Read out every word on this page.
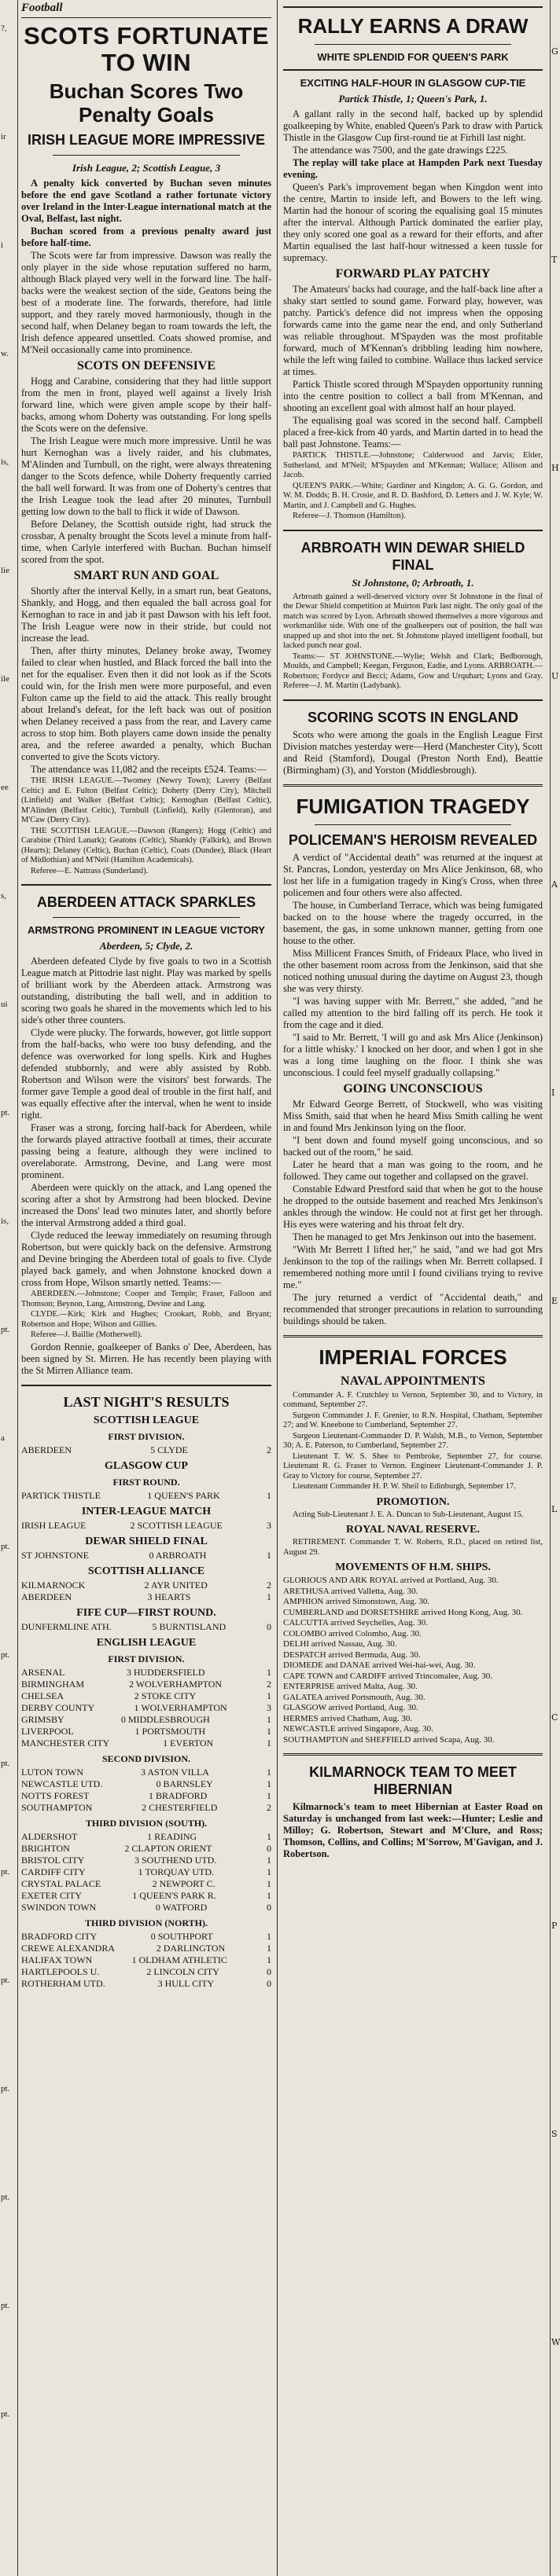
?,
ir
i
w.
is,
lie
ile
ee
s,
ui
pt.
is,
pt.
a
pt.
pt.
pt.
pt.
pt.
pt.
pt.
pt.
pt.
Football
SCOTS FORTUNATE TO WIN
Buchan Scores Two Penalty Goals
IRISH LEAGUE MORE IMPRESSIVE
Irish League, 2; Scottish League, 3

A penalty kick converted by Buchan seven minutes before the end gave Scotland a rather fortunate victory over Ireland in the Inter-League international match at the Oval, Belfast, last night.

Buchan scored from a previous penalty award just before half-time.

The Scots were far from impressive. Dawson was really the only player in the side whose reputation suffered no harm, although Black played very well in the forward line. The half-backs were the weakest section of the side, Geatons being the best of a moderate line. The forwards, therefore, had little support, and they rarely moved harmoniously, though in the second half, when Delaney began to roam towards the left, the Irish defence appeared unsettled. Coats showed promise, and M'Neil occasionally came into prominence.

SCOTS ON DEFENSIVE

Hogg and Carabine, considering that they had little support from the men in front, played well against a lively Irish forward line, which were given ample scope by their half-backs, among whom Doherty was outstanding. For long spells the Scots were on the defensive.

The Irish League were much more impressive. Until he was hurt Kernoghan was a lively raider, and his clubmates, M'Alinden and Turnbull, on the right, were always threatening danger to the Scots defence, while Doherty frequently carried the ball well forward. It was from one of Doherty's centres that the Irish League took the lead after 20 minutes, Turnbull getting low down to the ball to flick it wide of Dawson.

Before Delaney, the Scottish outside right, had struck the crossbar, A penalty brought the Scots level a minute from half-time, when Carlyle interfered with Buchan. Buchan himself scored from the spot.

SMART RUN AND GOAL

Shortly after the interval Kelly, in a smart run, beat Geatons, Shankly, and Hogg, and then equaled the ball across goal for Kernoghan to race in and jab it past Dawson with his left foot. The Irish League were now in their stride, but could not increase the lead.

Then, after thirty minutes, Delaney broke away, Twomey failed to clear when hustled, and Black forced the ball into the net for the equaliser. Even then it did not look as if the Scots could win, for the Irish men were more purposeful, and even Fulton came up the field to aid the attack. This really brought about Ireland's defeat, for the left back was out of position when Delaney received a pass from the rear, and Lavery came across to stop him. Both players came down inside the penalty area, and the referee awarded a penalty, which Buchan converted to give the Scots victory.

The attendance was 11,082 and the receipts £524. Teams:—

THE IRISH LEAGUE.—Twomey (Newry Town); Lavery (Belfast Celtic) and E. Fulton (Belfast Celtic); Doherty (Derry City), Mitchell (Linfield) and Walker (Belfast Celtic); Kernoghan (Belfast Celtic), M'Alinden (Belfast Celtic), Turnbull (Linfield), Kelly (Glentoran), and M'Caw (Derry City).

THE SCOTTISH LEAGUE.—Dawson (Rangers); Hogg (Celtic) and Carabine (Third Lanark); Geatons (Celtic), Shankly (Falkirk), and Brown (Hearts); Delaney (Celtic), Buchan (Celtic), Coats (Dundee), Black (Heart of Midlothian) and M'Neil (Hamilton Academicals).

Referee—E. Nattrass (Sunderland).

ABERDEEN ATTACK SPARKLES
ARMSTRONG PROMINENT IN LEAGUE VICTORY
Aberdeen, 5; Clyde, 2.

Aberdeen defeated Clyde by five goals to two in a Scottish League match at Pittodrie last night. Play was marked by spells of brilliant work by the Aberdeen attack. Armstrong was outstanding, distributing the ball well, and in addition to scoring two goals he shared in the movements which led to his side's other three counters.

Clyde were plucky. The forwards, however, got little support from the half-backs, who were too busy defending, and the defence was overworked for long spells. Kirk and Hughes defended stubbornly, and were ably assisted by Robb. Robertson and Wilson were the visitors' best forwards. The former gave Temple a good deal of trouble in the first half, and was equally effective after the interval, when he went to inside right.

Fraser was a strong, forcing half-back for Aberdeen, while the forwards played attractive football at times, their accurate passing being a feature, although they were inclined to overelaborate. Armstrong, Devine, and Lang were most prominent.

Aberdeen were quickly on the attack, and Lang opened the scoring after a shot by Armstrong had been blocked. Devine increased the Dons' lead two minutes later, and shortly before the interval Armstrong added a third goal.

Clyde reduced the leeway immediately on resuming through Robertson, but were quickly back on the defensive. Armstrong and Devine bringing the Aberdeen total of goals to five. Clyde played back gamely, and when Johnstone knocked down a cross from Hope, Wilson smartly netted. Teams:—

ABERDEEN.—Johnstone; Cooper and Temple; Fraser, Falloon and Thomson; Beynon, Lang, Armstrong, Devine and Lang.

CLYDE.—Kirk; Kirk and Hughes; Crookart, Robb, and Bryant; Robertson and Hope; Wilson and Gillies.

Referee—J. Baillie (Motherwell).

Gordon Rennie, goalkeeper of Banks o' Dee, Aberdeen, has been signed by St. Mirren. He has recently been playing with the St Mirren Alliance team.

LAST NIGHT'S RESULTS
SCOTTISH LEAGUE
FIRST DIVISION.
ABERDEEN	5 CLYDE	2
GLASGOW CUP
FIRST ROUND.
PARTICK THISTLE	1 QUEEN'S PARK	1
INTER-LEAGUE MATCH
IRISH LEAGUE	2 SCOTTISH LEAGUE	3
DEWAR SHIELD FINAL
ST JOHNSTONE	0 ARBROATH	1
SCOTTISH ALLIANCE
KILMARNOCK	2 AYR UNITED	2
ABERDEEN	3 HEARTS	1
FIFE CUP—FIRST ROUND.
DUNFERMLINE ATH.	5 BURNTISLAND	0
ENGLISH LEAGUE
FIRST DIVISION.
ARSENAL	3 HUDDERSFIELD	1
BIRMINGHAM	2 WOLVERHAMPTON	2
CHELSEA	2 STOKE CITY	1
DERBY COUNTY	1 WOLVERHAMPTON	3
GRIMSBY	0 MIDDLESBROUGH	1
LIVERPOOL	1 PORTSMOUTH	1
MANCHESTER CITY	1 EVERTON	1
SECOND DIVISION.
LUTON TOWN	3 ASTON VILLA	1
NEWCASTLE UTD.	0 BARNSLEY	1
NOTTS FOREST	1 BRADFORD	1
SOUTHAMPTON	2 CHESTERFIELD	2
THIRD DIVISION (SOUTH).
ALDERSHOT	1 READING	1
BRIGHTON	2 CLAPTON ORIENT	0
BRISTOL CITY	3 SOUTHEND UTD.	1
CARDIFF CITY	1 TORQUAY UTD.	1
CRYSTAL PALACE	2 NEWPORT C.	1
EXETER CITY	1 QUEEN'S PARK R.	1
SWINDON TOWN	0 WATFORD	0
THIRD DIVISION (NORTH).
BRADFORD CITY	0 SOUTHPORT	1
CREWE ALEXANDRA	2 DARLINGTON	1
HALIFAX TOWN	1 OLDHAM ATHLETIC	1
HARTLEPOOLS U.	2 LINCOLN CITY	0
ROTHERHAM UTD.	3 HULL CITY	0
RALLY EARNS A DRAW
WHITE SPLENDID FOR QUEEN'S PARK
EXCITING HALF-HOUR IN GLASGOW CUP-TIE
Partick Thistle, 1; Queen's Park, 1.

A gallant rally in the second half, backed up by splendid goalkeeping by White, enabled Queen's Park to draw with Partick Thistle in the Glasgow Cup first-round tie at Firhill last night.

The attendance was 7500, and the gate drawings £225.

The replay will take place at Hampden Park next Tuesday evening.

Queen's Park's improvement began when Kingdon went into the centre, Martin to inside left, and Bowers to the left wing. Martin had the honour of scoring the equalising goal 15 minutes after the interval. Although Partick dominated the earlier play, they only scored one goal as a reward for their efforts, and after Martin equalised the last half-hour witnessed a keen tussle for supremacy.

FORWARD PLAY PATCHY

The Amateurs' backs had courage, and the half-back line after a shaky start settled to sound game. Forward play, however, was patchy. Partick's defence did not impress when the opposing forwards came into the game near the end, and only Sutherland was reliable throughout. M'Spayden was the most profitable forward, much of M'Kennan's dribbling leading him nowhere, while the left wing failed to combine. Wallace thus lacked service at times.

Partick Thistle scored through M'Spayden opportunity running into the centre position to collect a ball from M'Kennan, and shooting an excellent goal with almost half an hour played.

The equalising goal was scored in the second half. Campbell placed a free-kick from 40 yards, and Martin darted in to head the ball past Johnstone. Teams:—

PARTICK THISTLE.—Johnstone; Calderwood and Jarvis; Elder, Sutherland, and M'Neil; M'Spayden and M'Kennan; Wallace; Allison and Jacob.

QUEEN'S PARK.—White; Gardiner and Kingdon; A. G. G. Gordon, and W. M. Dodds; B. H. Crosie, and R. D. Bashford, D. Letters and J. W. Kyle; W. Martin, and J. Campbell and G. Hughes.

Referee—J. Thomson (Hamilton).

ARBROATH WIN DEWAR SHIELD FINAL
St Johnstone, 0; Arbroath, 1.

Arbroath gained a well-deserved victory over St Johnstone in the final of the Dewar Shield competition at Muirton Park last night. The only goal of the match was scored by Lyon. Arbroath showed themselves a more vigorous and workmanlike side. With one of the goalkeepers out of position, the ball was snapped up and shot into the net. St Johnstone played intelligent football, but lacked punch near goal.

Teams:— ST JOHNSTONE.—Wylie; Welsh and Clark; Bedborough, Moulds, and Campbell; Keegan, Ferguson, Eadie, and Lyons. ARBROATH.—Robertson; Fordyce and Becci; Adams, Gow and Urquhart; Lyons and Gray. Referee—J. M. Martin (Ladybank).

SCORING SCOTS IN ENGLAND

Scots who were among the goals in the English League First Division matches yesterday were—Herd (Manchester City), Scott and Reid (Stamford), Dougal (Preston North End), Beattie (Birmingham) (3), and Yorston (Middlesbrough).

FUMIGATION TRAGEDY
POLICEMAN'S HEROISM REVEALED

A verdict of "Accidental death" was returned at the inquest at St. Pancras, London, yesterday on Mrs Alice Jenkinson, 68, who lost her life in a fumigation tragedy in King's Cross, when three policemen and four others were also affected.

The house, in Cumberland Terrace, which was being fumigated backed on to the house where the tragedy occurred, in the basement, the gas, in some unknown manner, getting from one house to the other.

Miss Millicent Frances Smith, of Frideaux Place, who lived in the other basement room across from the Jenkinson, said that she noticed nothing unusual during the daytime on August 23, though she was very thirsty.

"I was having supper with Mr. Berrett," she added, "and he called my attention to the bird falling off its perch. He took it from the cage and it died.

"I said to Mr. Berrett, 'I will go and ask Mrs Alice (Jenkinson) for a little whisky.' I knocked on her door, and when I got in she was a long time laughing on the floor. I think she was unconscious. I could feel myself gradually collapsing."

GOING UNCONSCIOUS

Mr Edward George Berrett, of Stockwell, who was visiting Miss Smith, said that when he heard Miss Smith calling he went in and found Mrs Jenkinson lying on the floor.

"I bent down and found myself going unconscious, and so backed out of the room," he said.

Later he heard that a man was going to the room, and he followed. They came out together and collapsed on the gravel.

Constable Edward Prestford said that when he got to the house he dropped to the outside basement and reached Mrs Jenkinson's ankles through the window. He could not at first get her through. His eyes were watering and his throat felt dry.

Then he managed to get Mrs Jenkinson out into the basement.

"With Mr Berrett I lifted her," he said, "and we had got Mrs Jenkinson to the top of the railings when Mr. Berrett collapsed. I remembered nothing more until I found civilians trying to revive me."

The jury returned a verdict of "Accidental death," and recommended that stronger precautions in relation to surrounding buildings should be taken.

IMPERIAL FORCES
NAVAL APPOINTMENTS

Commander A. F. Crutchley to Vernon, September 30, and to Victory, in command, September 27.

Surgeon Commander J. F. Grenier, to R.N. Hospital, Chatham, September 27; and W. Kneebone to Cumberland, September 27.

Surgeon Lieutenant-Commander D. P. Walsh, M.B., to Vernon, September 30; A. E. Paterson, to Cumberland, September 27.

Lieutenant T. W. S. Shee to Pembroke, September 27, for course. Lieutenant R. G. Fraser to Vernon. Engineer Lieutenant-Commander J. P. Gray to Victory for course, September 27.

Lieutenant Commander H. P. W. Sheil to Edinburgh, September 17.

PROMOTION.

Acting Sub-Lieutenant J. E. A. Duncan to Sub-Lieutenant, August 15.

ROYAL NAVAL RESERVE.

RETIREMENT. Commander T. W. Roberts, R.D., placed on retired list, August 29.

MOVEMENTS OF H.M. SHIPS.
GLORIOUS AND ARK ROYAL arrived at Portland, Aug. 30.
ARETHUSA arrived Valletta, Aug. 30.
AMPHION arrived Simonstown, Aug. 30.
CUMBERLAND and DORSETSHIRE arrived Hong Kong, Aug. 30.
CALCUTTA arrived Seychelles, Aug. 30.
COLOMBO arrived Colombo, Aug. 30.
DELHI arrived Nassau, Aug. 30.
DESPATCH arrived Bermuda, Aug. 30.
DIOMEDE and DANAE arrived Wei-hai-wei, Aug. 30.
CAPE TOWN and CARDIFF arrived Trincomalee, Aug. 30.
ENTERPRISE arrived Malta, Aug. 30.
GALATEA arrived Portsmouth, Aug. 30.
GLASGOW arrived Portland, Aug. 30.
HERMES arrived Chatham, Aug. 30.
NEWCASTLE arrived Singapore, Aug. 30.
SOUTHAMPTON and SHEFFIELD arrived Scapa, Aug. 30.
KILMARNOCK TEAM TO MEET HIBERNIAN

Kilmarnock's team to meet Hibernian at Easter Road on Saturday is unchanged from last week:—Hunter; Leslie and Milloy; G. Robertson, Stewart and M'Clure, and Ross; Thomson, Collins, and Collins; M'Sorrow, M'Gavigan, and J. Robertson.

G
T
H
U
A
I
E
L
C
P
S
W
